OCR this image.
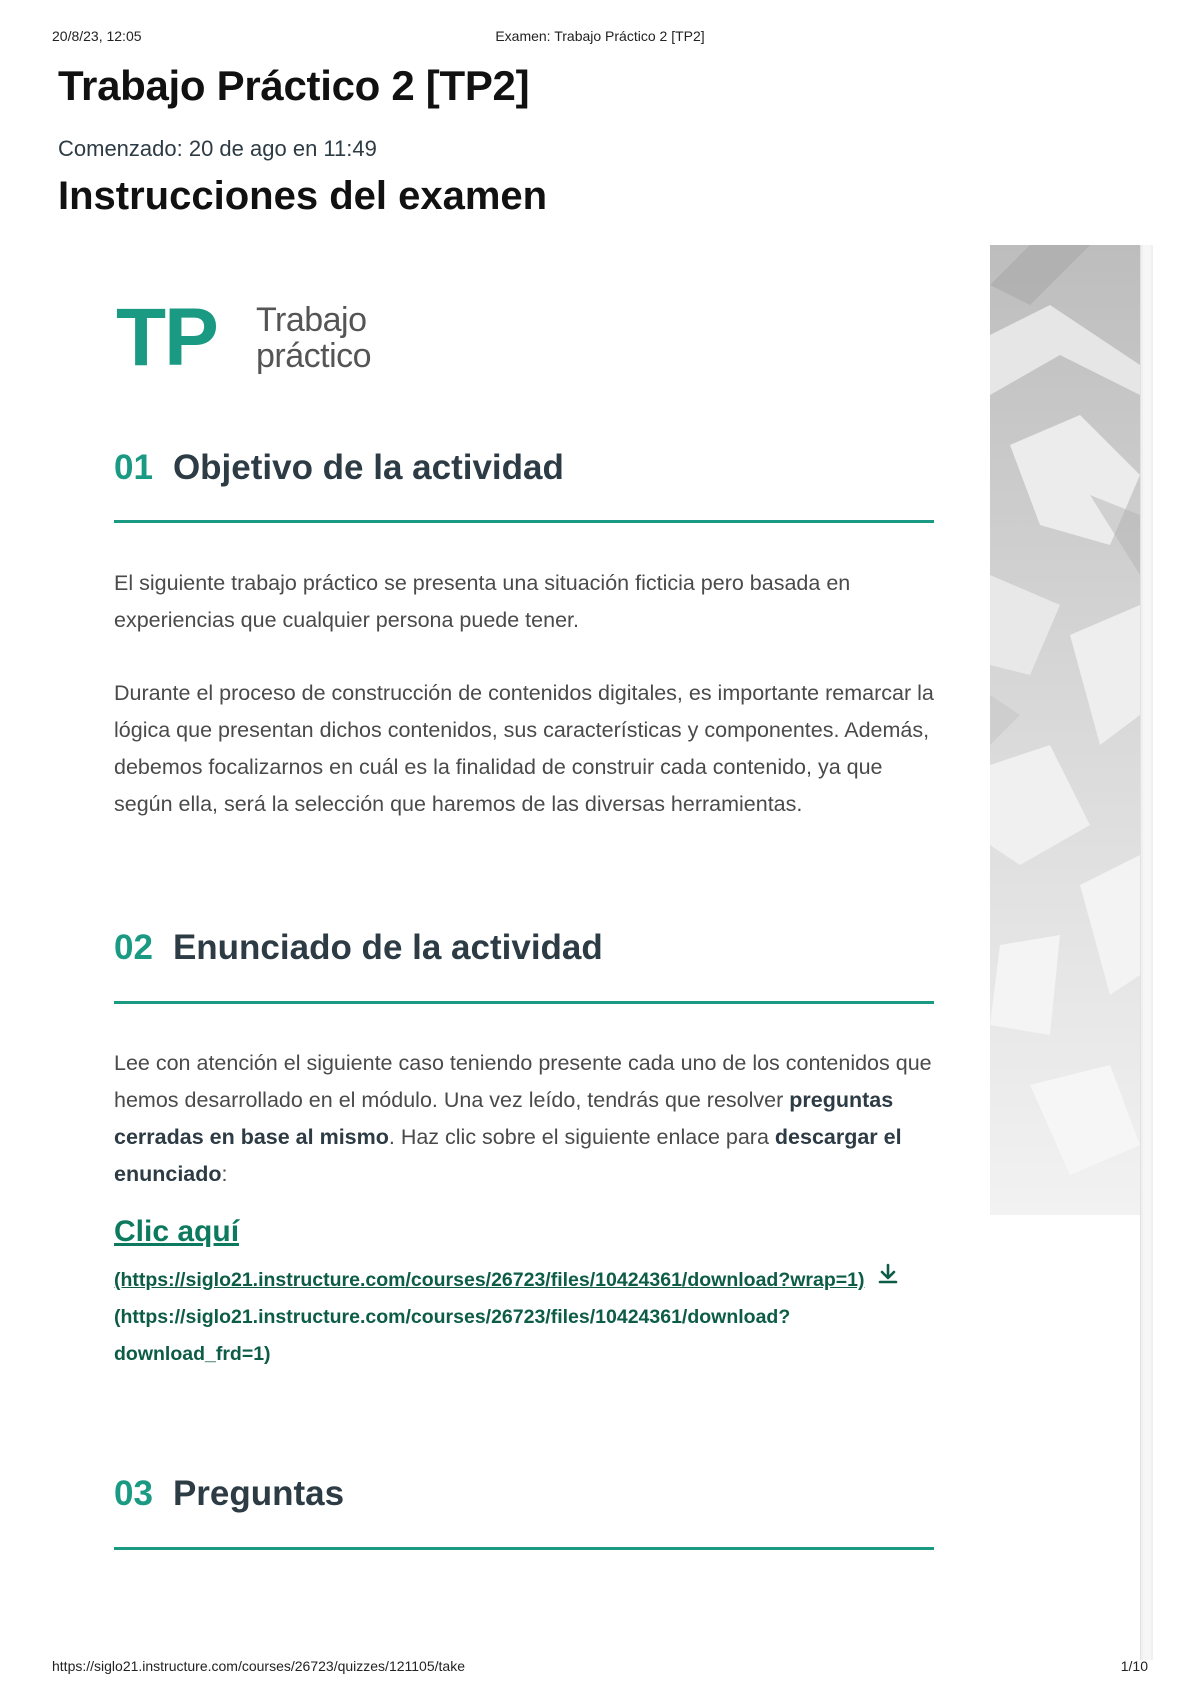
20/8/23, 12:05	Examen: Trabajo Práctico 2 [TP2]
Trabajo Práctico 2 [TP2]
Comenzado: 20 de ago en 11:49
Instrucciones del examen
TP Trabajo
práctico
01 Objetivo de la actividad

El siguiente trabajo práctico se presenta una situación ficticia pero basada en experiencias que cualquier persona puede tener.

Durante el proceso de construcción de contenidos digitales, es importante remarcar la lógica que presentan dichos contenidos, sus características y componentes. Además, debemos focalizarnos en cuál es la finalidad de construir cada contenido, ya que según ella, será la selección que haremos de las diversas herramientas.

02 Enunciado de la actividad

Lee con atención el siguiente caso teniendo presente cada uno de los contenidos que hemos desarrollado en el módulo. Una vez leído, tendrás que resolver preguntas cerradas en base al mismo. Haz clic sobre el siguiente enlace para descargar el enunciado:

Clic aquí
(https://siglo21.instructure.com/courses/26723/files/10424361/download?wrap=1)
(https://siglo21.instructure.com/courses/26723/files/10424361/download?download_frd=1)
03 Preguntas
https://siglo21.instructure.com/courses/26723/quizzes/121105/take	1/10
